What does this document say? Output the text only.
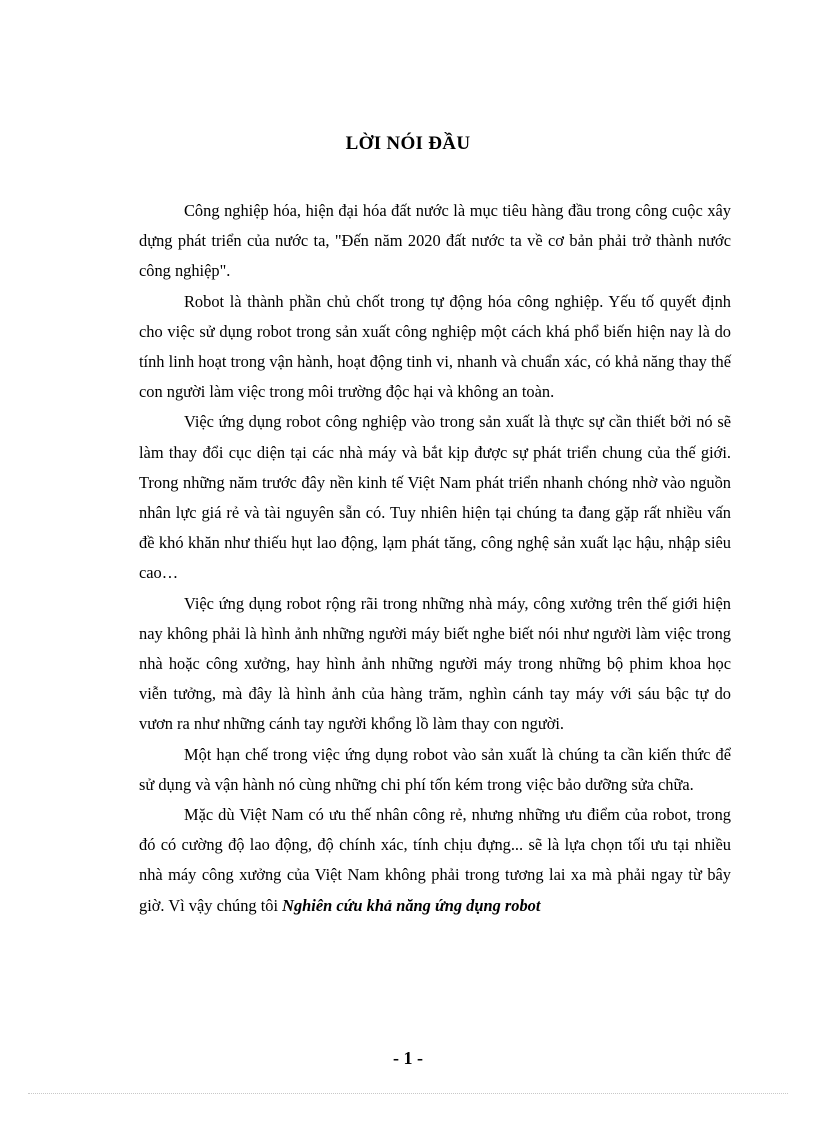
LỜI NÓI ĐẦU

Công nghiệp hóa, hiện đại hóa đất nước là mục tiêu hàng đầu trong công cuộc xây dựng phát triển của nước ta, "Đến năm 2020 đất nước ta về cơ bản phải trở thành nước công nghiệp".

Robot là thành phần chủ chốt trong tự động hóa công nghiệp. Yếu tố quyết định cho việc sử dụng robot trong sản xuất công nghiệp một cách khá phổ biến hiện nay là do tính linh hoạt trong vận hành, hoạt động tinh vi, nhanh và chuẩn xác, có khả năng thay thế con người làm việc trong môi trường độc hại và không an toàn.

Việc ứng dụng robot công nghiệp vào trong sản xuất là thực sự cần thiết bởi nó sẽ làm thay đổi cục diện tại các nhà máy và bắt kịp được sự phát triển chung của thế giới. Trong những năm trước đây nền kinh tế Việt Nam phát triển nhanh chóng nhờ vào nguồn nhân lực giá rẻ và tài nguyên sẵn có. Tuy nhiên hiện tại chúng ta đang gặp rất nhiều vấn đề khó khăn như thiếu hụt lao động, lạm phát tăng, công nghệ sản xuất lạc hậu, nhập siêu cao…

Việc ứng dụng robot rộng rãi trong những nhà máy, công xưởng trên thế giới hiện nay không phải là hình ảnh những người máy biết nghe biết nói như người làm việc trong nhà hoặc công xưởng, hay hình ảnh những người máy trong những bộ phim khoa học viễn tưởng, mà đây là hình ảnh của hàng trăm, nghìn cánh tay máy với sáu bậc tự do vươn ra như những cánh tay người khổng lồ làm thay con người.

Một hạn chế trong việc ứng dụng robot vào sản xuất là chúng ta cần kiến thức để sử dụng và vận hành nó cùng những chi phí tốn kém trong việc bảo dưỡng sửa chữa.

Mặc dù Việt Nam có ưu thế nhân công rẻ, nhưng những ưu điểm của robot, trong đó có cường độ lao động, độ chính xác, tính chịu đựng... sẽ là lựa chọn tối ưu tại nhiều nhà máy công xưởng của Việt Nam không phải trong tương lai xa mà phải ngay từ bây giờ. Vì vậy chúng tôi Nghiên cứu khả năng ứng dụng robot

- 1 -
